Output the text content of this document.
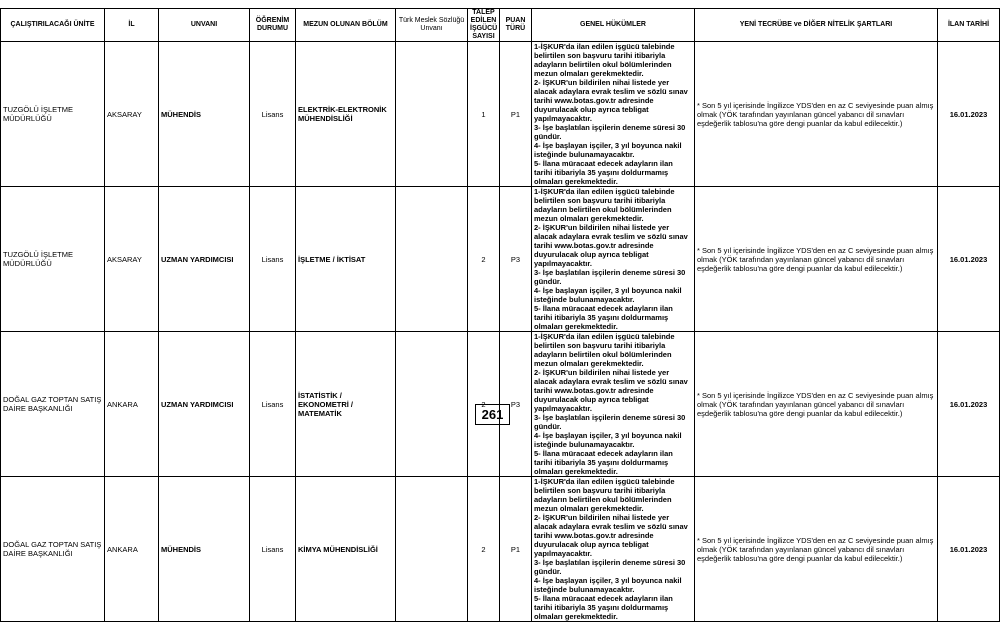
ÇALIŞTIRILACAĞI ÜNİTE	İL	UNVANI	ÖĞRENİM DURUMU	MEZUN OLUNAN BÖLÜM	Türk Meslek Sözlüğü Unvanı	TALEP EDİLEN İŞGÜCÜ SAYISI	PUAN TÜRÜ	GENEL HÜKÜMLER	YENİ TECRÜBE ve DİĞER NİTELİK ŞARTLARI	İLAN TARİHİ
TUZGÖLÜ İŞLETME MÜDÜRLÜĞÜ	AKSARAY	MÜHENDİS	Lisans	ELEKTRİK-ELEKTRONİK MÜHENDİSLİĞİ		1	P1	1-İŞKUR'da ilan edilen işgücü talebinde belirtilen son başvuru tarihi itibariyla adayların belirtilen okul bölümlerinden mezun olmaları gerekmektedir.
2- İŞKUR'un bildirilen nihai listede yer alacak adaylara evrak teslim ve sözlü sınav tarihi www.botas.gov.tr adresinde duyurulacak olup ayrıca tebligat yapılmayacaktır.
3- İşe başlatılan işçilerin deneme süresi 30 gündür.
4- İşe başlayan işçiler, 3 yıl boyunca nakil isteğinde bulunamayacaktır.
5- İlana müracaat edecek adayların ilan tarihi itibariyla 35 yaşını doldurmamış olmaları gerekmektedir.	* Son 5 yıl içerisinde İngilizce YDS'den en az C seviyesinde puan almış olmak (YÖK tarafından yayınlanan güncel yabancı dil sınavları eşdeğerlik tablosu'na göre dengi puanlar da kabul edilecektir.)	16.01.2023
TUZGÖLÜ İŞLETME MÜDÜRLÜĞÜ	AKSARAY	UZMAN YARDIMCISI	Lisans	İŞLETME / İKTİSAT		2	P3	1-İŞKUR'da ilan edilen işgücü talebinde belirtilen son başvuru tarihi itibariyla adayların belirtilen okul bölümlerinden mezun olmaları gerekmektedir.
2- İŞKUR'un bildirilen nihai listede yer alacak adaylara evrak teslim ve sözlü sınav tarihi www.botas.gov.tr adresinde duyurulacak olup ayrıca tebligat yapılmayacaktır.
3- İşe başlatılan işçilerin deneme süresi 30 gündür.
4- İşe başlayan işçiler, 3 yıl boyunca nakil isteğinde bulunamayacaktır.
5- İlana müracaat edecek adayların ilan tarihi itibariyla 35 yaşını doldurmamış olmaları gerekmektedir.	* Son 5 yıl içerisinde İngilizce YDS'den en az C seviyesinde puan almış olmak (YÖK tarafından yayınlanan güncel yabancı dil sınavları eşdeğerlik tablosu'na göre dengi puanlar da kabul edilecektir.)	16.01.2023
DOĞAL GAZ TOPTAN SATIŞ DAİRE BAŞKANLIĞI	ANKARA	UZMAN YARDIMCISI	Lisans	İSTATİSTİK / EKONOMETRİ / MATEMATİK		2	P3	1-İŞKUR'da ilan edilen işgücü talebinde belirtilen son başvuru tarihi itibariyla adayların belirtilen okul bölümlerinden mezun olmaları gerekmektedir.
2- İŞKUR'un bildirilen nihai listede yer alacak adaylara evrak teslim ve sözlü sınav tarihi www.botas.gov.tr adresinde duyurulacak olup ayrıca tebligat yapılmayacaktır.
3- İşe başlatılan işçilerin deneme süresi 30 gündür.
4- İşe başlayan işçiler, 3 yıl boyunca nakil isteğinde bulunamayacaktır.
5- İlana müracaat edecek adayların ilan tarihi itibariyla 35 yaşını doldurmamış olmaları gerekmektedir.	* Son 5 yıl içerisinde İngilizce YDS'den en az C seviyesinde puan almış olmak (YÖK tarafından yayınlanan güncel yabancı dil sınavları eşdeğerlik tablosu'na göre dengi puanlar da kabul edilecektir.)	16.01.2023
DOĞAL GAZ TOPTAN SATIŞ DAİRE BAŞKANLIĞI	ANKARA	MÜHENDİS	Lisans	KİMYA MÜHENDİSLİĞİ		2	P1	1-İŞKUR'da ilan edilen işgücü talebinde belirtilen son başvuru tarihi itibariyla adayların belirtilen okul bölümlerinden mezun olmaları gerekmektedir.
2- İŞKUR'un bildirilen nihai listede yer alacak adaylara evrak teslim ve sözlü sınav tarihi www.botas.gov.tr adresinde duyurulacak olup ayrıca tebligat yapılmayacaktır.
3- İşe başlatılan işçilerin deneme süresi 30 gündür.
4- İşe başlayan işçiler, 3 yıl boyunca nakil isteğinde bulunamayacaktır.
5- İlana müracaat edecek adayların ilan tarihi itibariyla 35 yaşını doldurmamış olmaları gerekmektedir.	* Son 5 yıl içerisinde İngilizce YDS'den en az C seviyesinde puan almış olmak (YÖK tarafından yayınlanan güncel yabancı dil sınavları eşdeğerlik tablosu'na göre dengi puanlar da kabul edilecektir.)	16.01.2023
261
